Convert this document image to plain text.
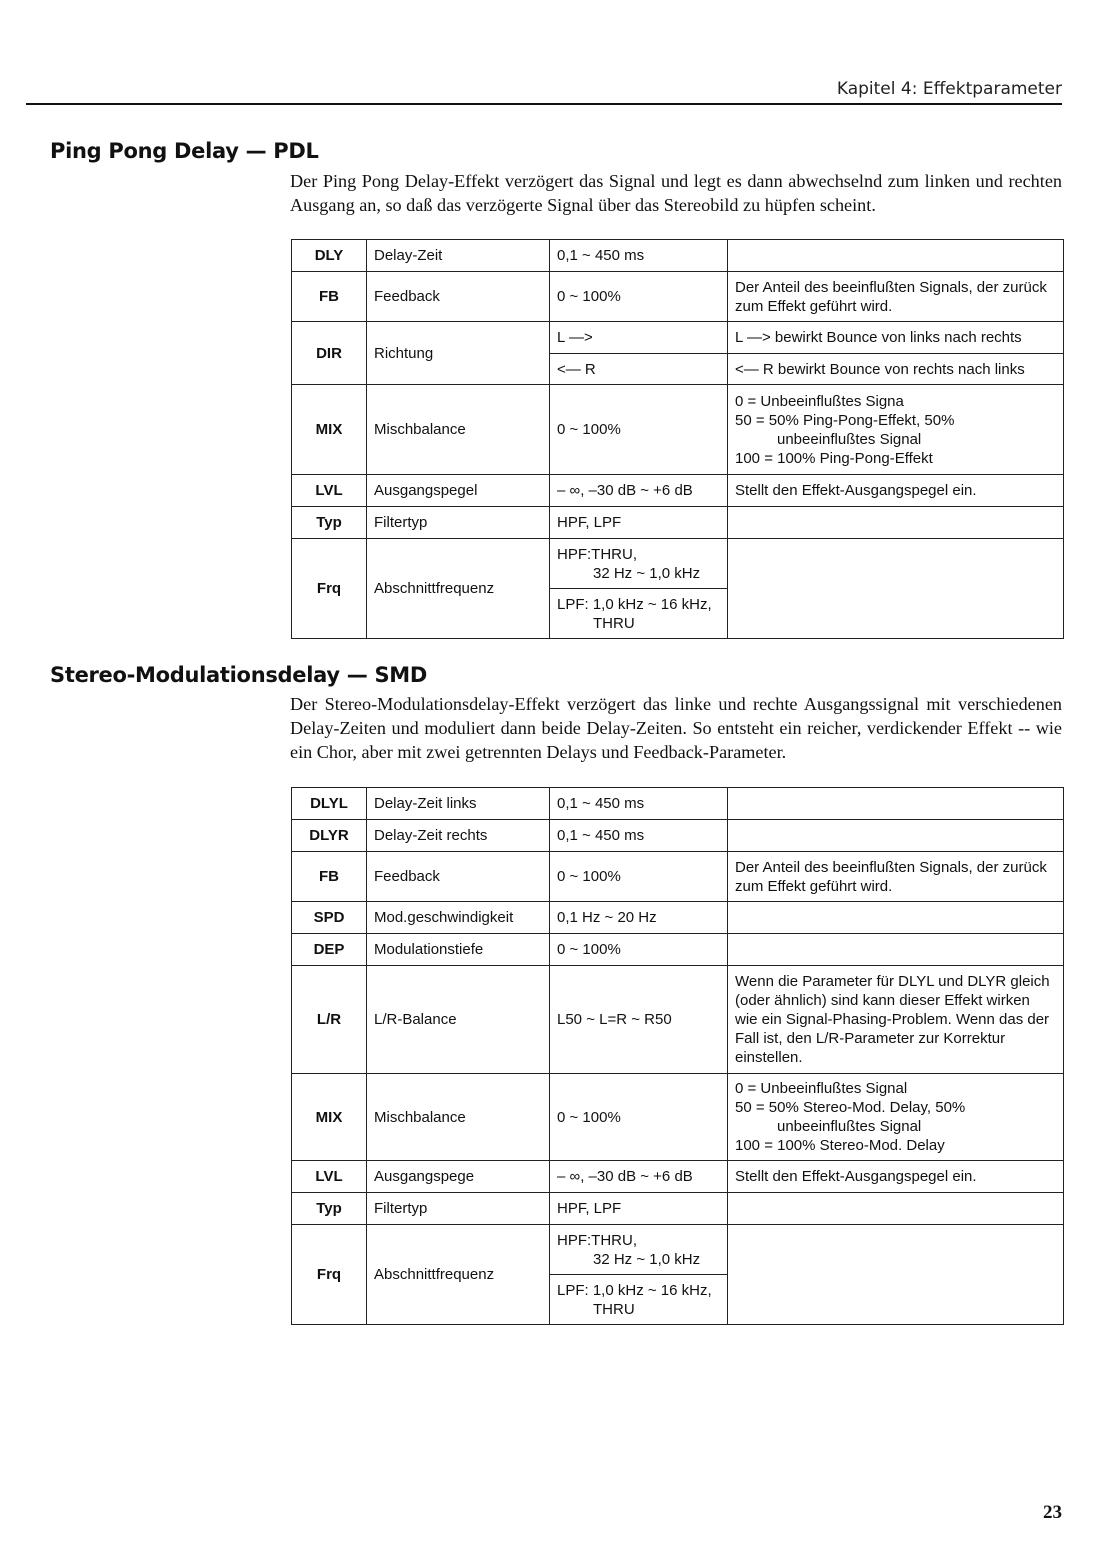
Kapitel 4: Effektparameter
Ping Pong Delay — PDL

Der Ping Pong Delay-Effekt verzögert das Signal und legt es dann abwechselnd zum linken und rechten Ausgang an, so daß das verzögerte Signal über das Stereobild zu hüpfen scheint.

DLY	Delay-Zeit	0,1 ~ 450 ms	
FB	Feedback	0 ~ 100%	Der Anteil des beeinflußten Signals, der zurück zum Effekt geführt wird.
DIR	Richtung	L —>	L —> bewirkt Bounce von links nach rechts
		<— R	<— R bewirkt Bounce von rechts nach links
MIX	Mischbalance	0 ~ 100%	0 = Unbeeinflußtes Signa
50 = 50% Ping-Pong-Effekt, 50%
unbeeinflußtes Signal
100 = 100% Ping-Pong-Effekt

LVL	Ausgangspegel	– ∞, –30 dB ~ +6 dB	Stellt den Effekt-Ausgangspegel ein.
Typ	Filtertyp	HPF, LPF	
Frq	Abschnittfrequenz	HPF:THRU,
32 Hz ~ 1,0 kHz	

		LPF: 1,0 kHz ~ 16 kHz,
THRU	
Stereo-Modulationsdelay — SMD

Der Stereo-Modulationsdelay-Effekt verzögert das linke und rechte Ausgangssignal mit verschiedenen Delay-Zeiten und moduliert dann beide Delay-Zeiten. So entsteht ein reicher, verdickender Effekt -- wie ein Chor, aber mit zwei getrennten Delays und Feedback-Parameter.

DLYL	Delay-Zeit links	0,1 ~ 450 ms	
DLYR	Delay-Zeit rechts	0,1 ~ 450 ms	
FB	Feedback	0 ~ 100%	Der Anteil des beeinflußten Signals, der zurück zum Effekt geführt wird.
SPD	Mod.geschwindigkeit	0,1 Hz ~ 20 Hz	
DEP	Modulationstiefe	0 ~ 100%	
L/R	L/R-Balance	L50 ~ L=R ~ R50	Wenn die Parameter für DLYL und DLYR gleich (oder ähnlich) sind kann dieser Effekt wirken wie ein Signal-Phasing-Problem. Wenn das der Fall ist, den L/R-Parameter zur Korrektur einstellen.
MIX	Mischbalance	0 ~ 100%	0 = Unbeeinflußtes Signal
50 = 50% Stereo-Mod. Delay, 50%
unbeeinflußtes Signal
100 = 100% Stereo-Mod. Delay

LVL	Ausgangspege	– ∞, –30 dB ~ +6 dB	Stellt den Effekt-Ausgangspegel ein.
Typ	Filtertyp	HPF, LPF	
Frq	Abschnittfrequenz	HPF:THRU,
32 Hz ~ 1,0 kHz	

		LPF: 1,0 kHz ~ 16 kHz,
THRU	
23
